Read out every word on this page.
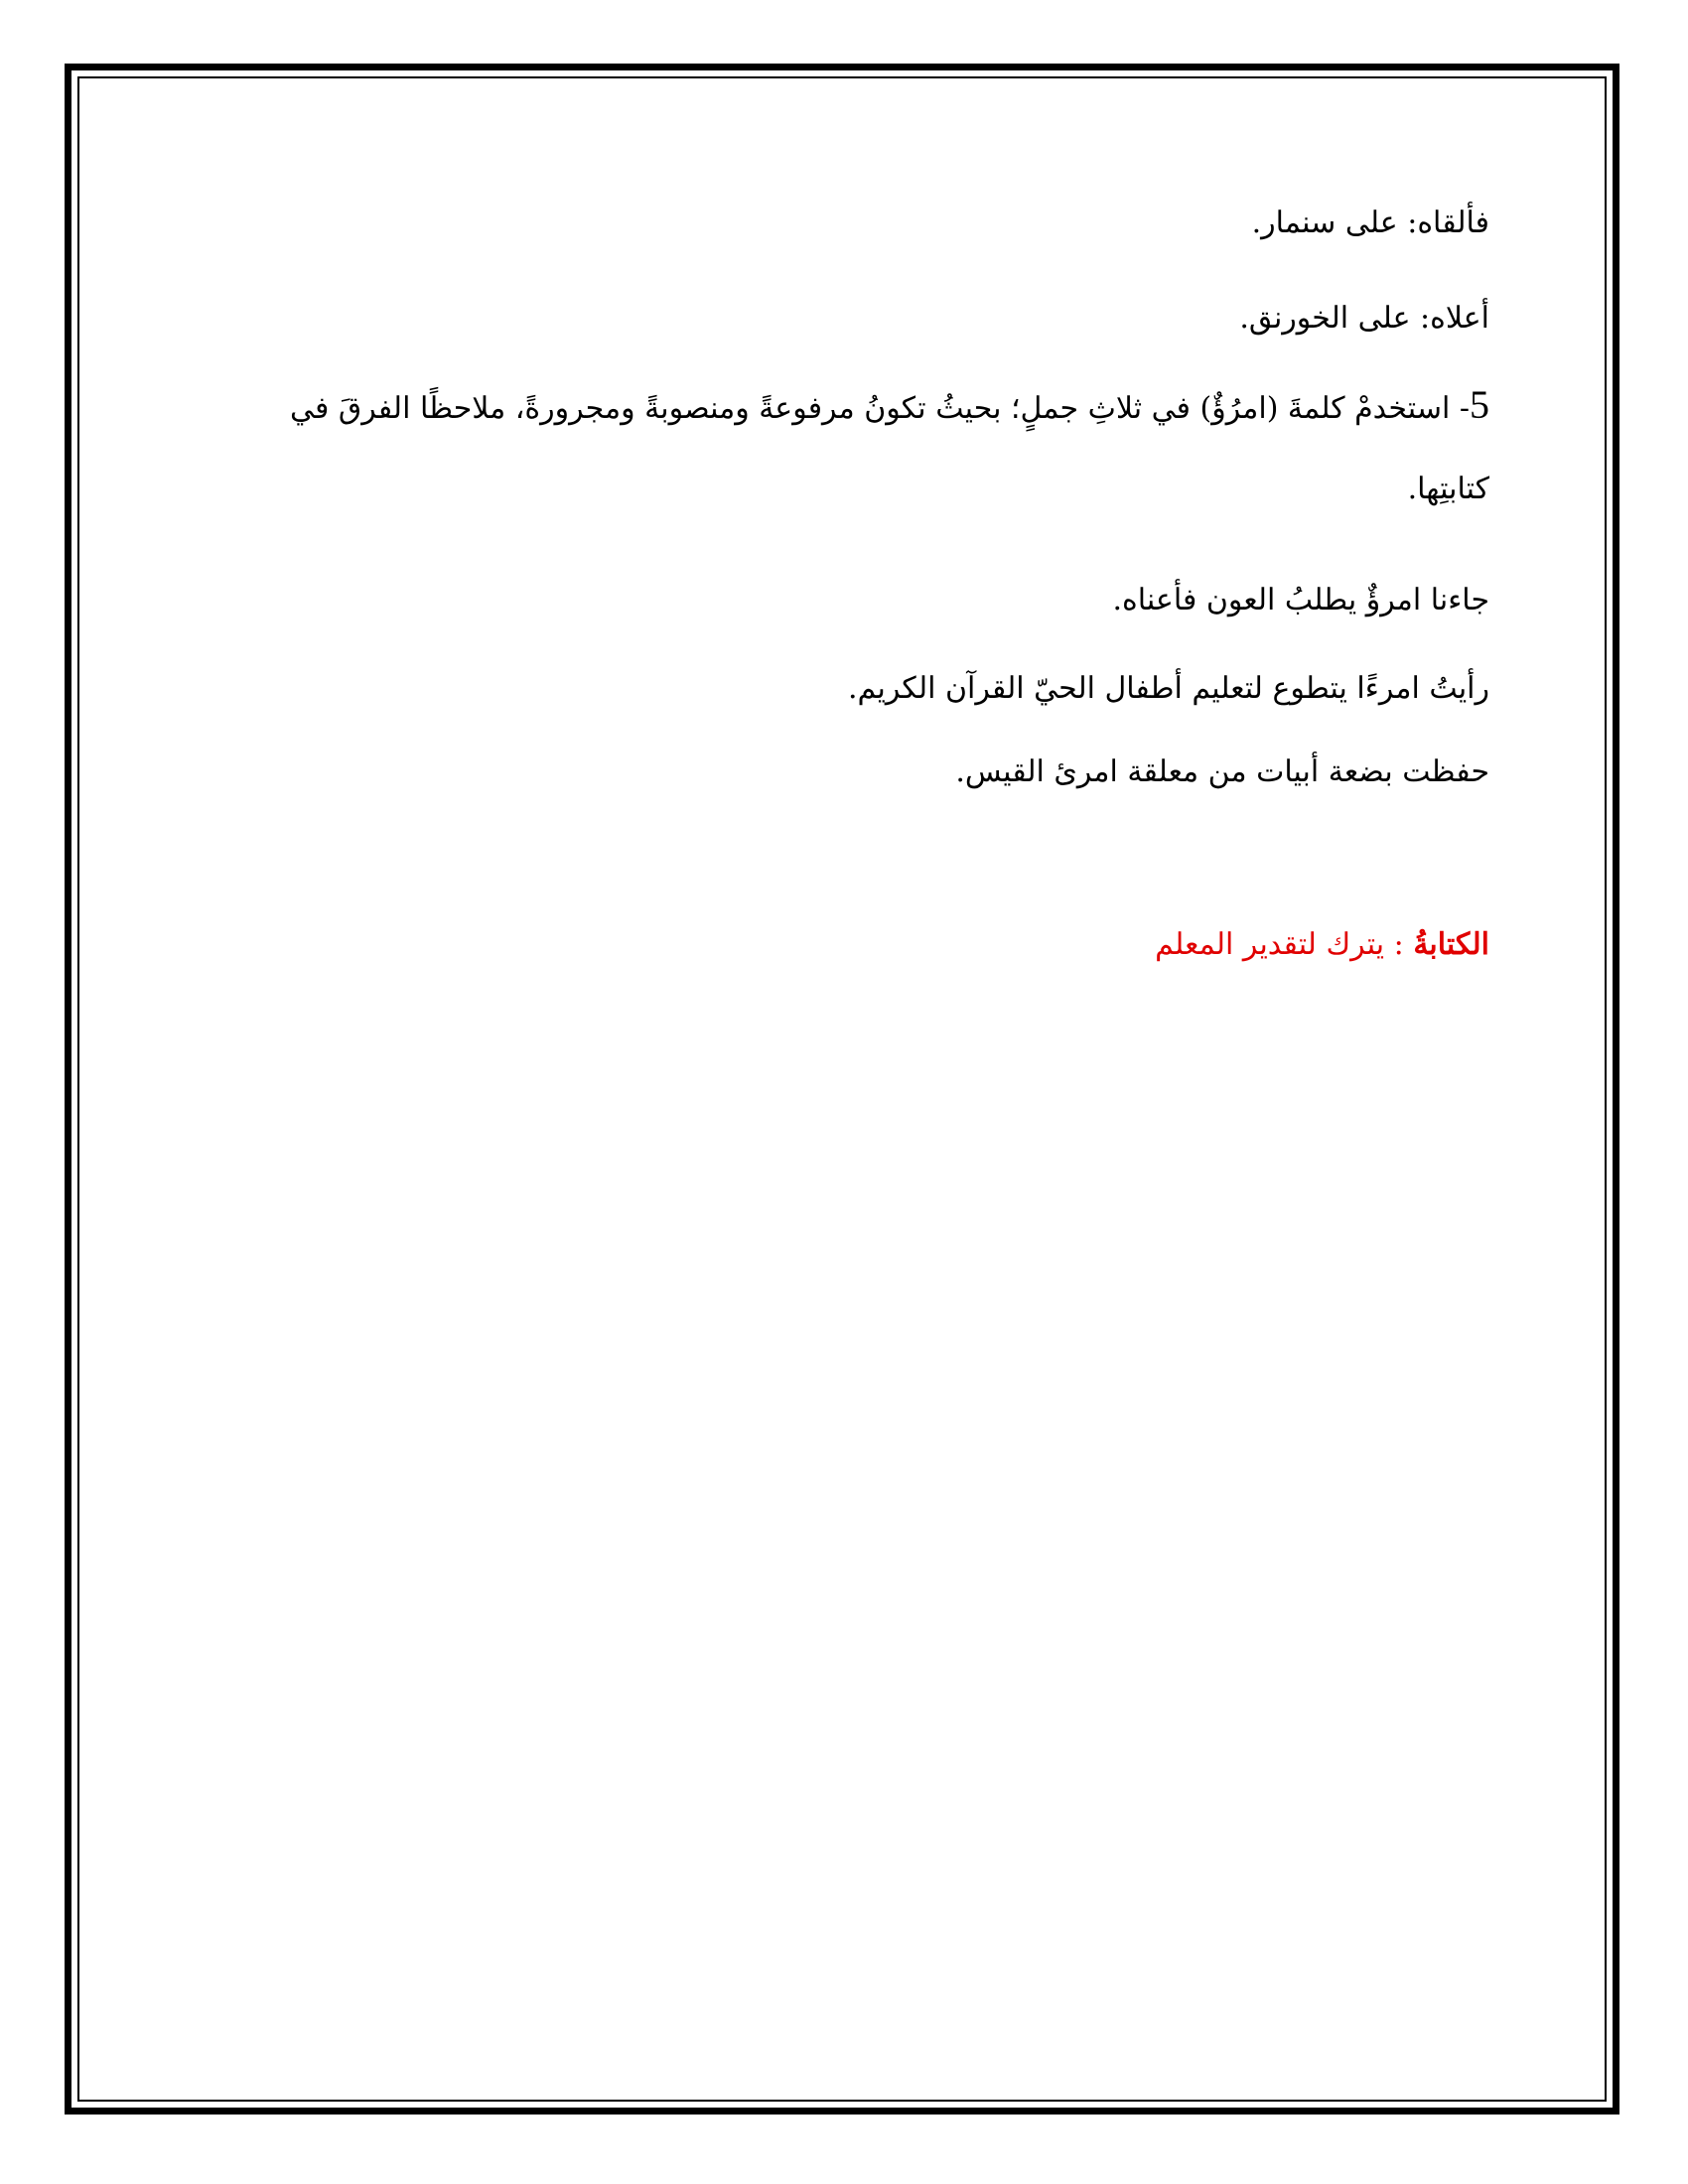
فألقاه: على سنمار.
أعلاه: على الخورنق.
5- استخدمْ كلمةَ (امرُؤٌ) في ثلاثِ جملٍ؛ بحيثُ تكونُ مرفوعةً ومنصوبةً ومجرورةً، ملاحظًا الفرقَ في
كتابتِها.
جاءنا امرؤٌ يطلبُ العون فأعناه.
رأيتُ امرءًا يتطوع لتعليم أطفال الحيّ القرآن الكريم.
حفظت بضعة أبيات من معلقة امرئ القيس.
الكتابةُ : يترك لتقدير المعلم
